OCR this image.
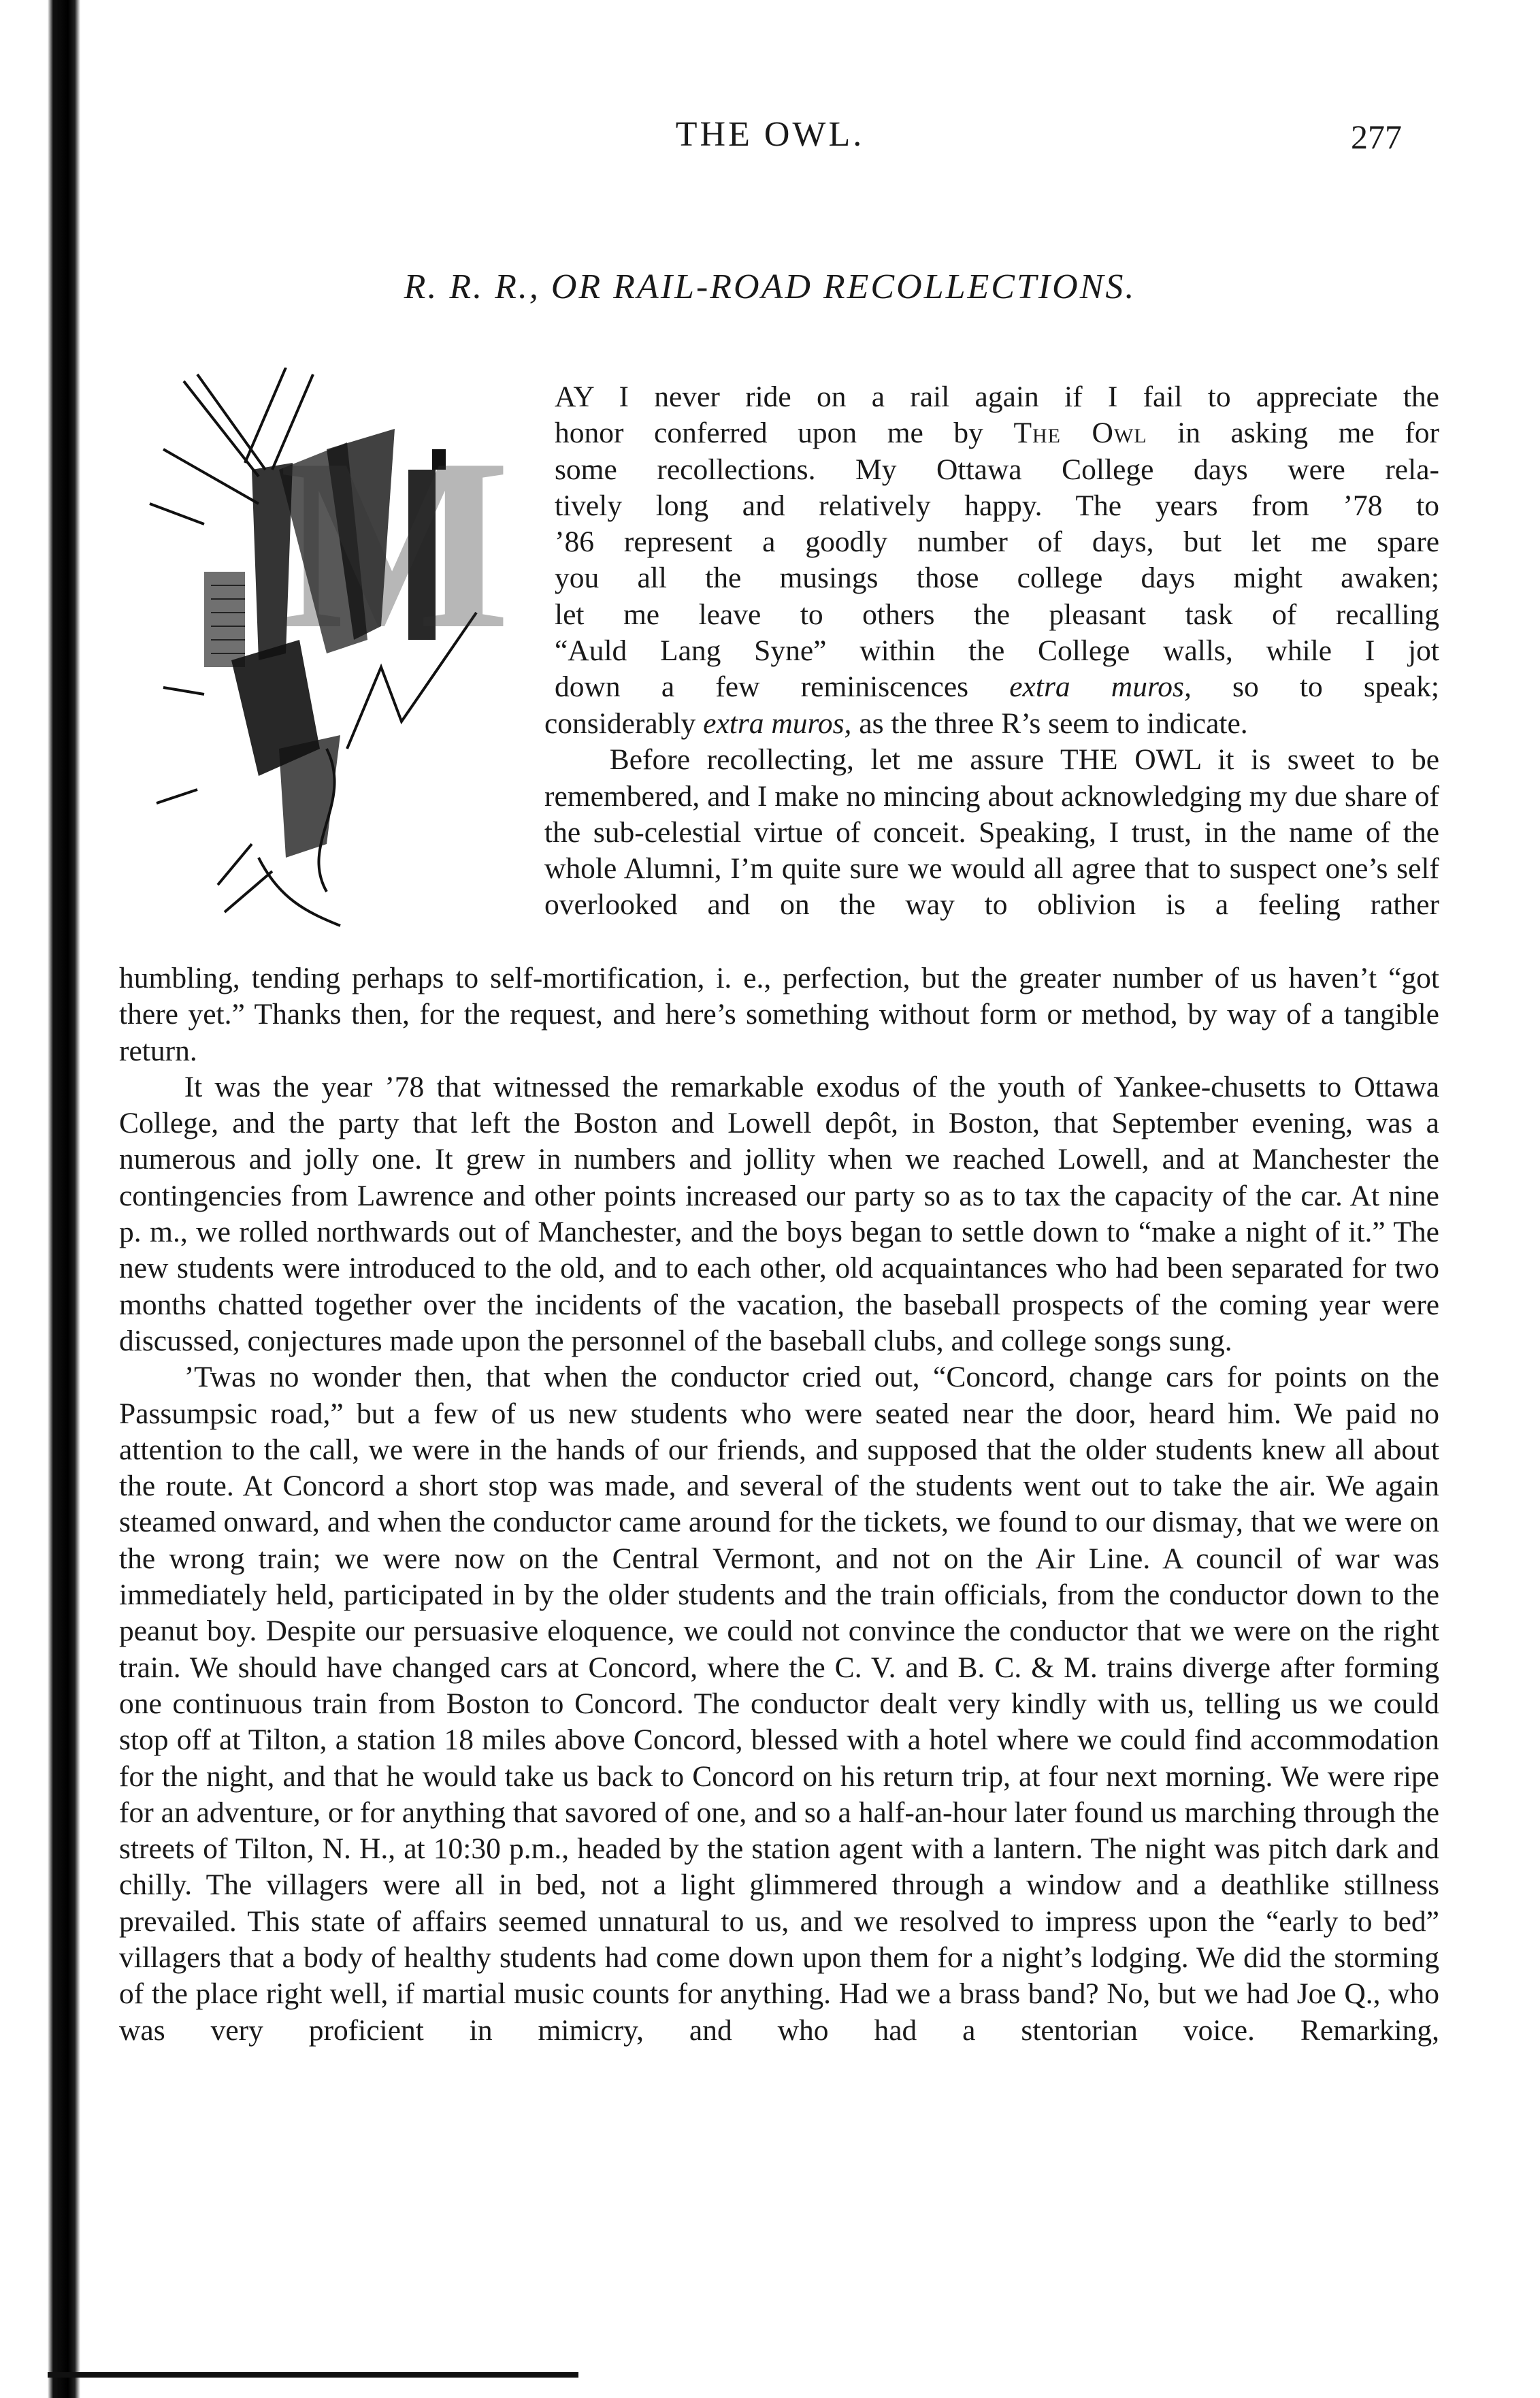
THE OWL.	277
R. R. R., OR RAIL-ROAD RECOLLECTIONS.
M

AY I never ride on a rail again if I fail to appreciate the

honor conferred upon me by The Owl in asking me for

some recollections. My Ottawa College days were rela-

tively long and relatively happy. The years from ’78 to

’86 represent a goodly number of days, but let me spare

you all the musings those college days might awaken;

let me leave to others the pleasant task of recalling

“Auld Lang Syne” within the College walls, while I jot

down a few reminiscences extra muros, so to speak;

considerably extra muros, as the three R’s seem to indicate.

Before recollecting, let me assure THE OWL it is sweet to be remembered, and I make no mincing about acknowledging my due share of the sub-celestial virtue of conceit. Speaking, I trust, in the name of the whole Alumni, I’m quite sure we would all agree that to suspect one’s self overlooked and on the way to oblivion is a feeling rather

humbling, tending perhaps to self-mortification, i. e., perfection, but the greater number of us haven’t “got there yet.” Thanks then, for the request, and here’s something without form or method, by way of a tangible return.

It was the year ’78 that witnessed the remarkable exodus of the youth of Yankee-chusetts to Ottawa College, and the party that left the Boston and Lowell depôt, in Boston, that September evening, was a numerous and jolly one. It grew in numbers and jollity when we reached Lowell, and at Manchester the contingencies from Lawrence and other points increased our party so as to tax the capacity of the car. At nine p. m., we rolled northwards out of Manchester, and the boys began to settle down to “make a night of it.” The new students were introduced to the old, and to each other, old acquaintances who had been separated for two months chatted together over the incidents of the vacation, the baseball prospects of the coming year were discussed, conjectures made upon the personnel of the baseball clubs, and college songs sung.

’Twas no wonder then, that when the conductor cried out, “Concord, change cars for points on the Passumpsic road,” but a few of us new students who were seated near the door, heard him. We paid no attention to the call, we were in the hands of our friends, and supposed that the older students knew all about the route. At Concord a short stop was made, and several of the students went out to take the air. We again steamed onward, and when the conductor came around for the tickets, we found to our dismay, that we were on the wrong train; we were now on the Central Vermont, and not on the Air Line. A council of war was immediately held, participated in by the older students and the train officials, from the conductor down to the peanut boy. Despite our persuasive eloquence, we could not convince the conductor that we were on the right train. We should have changed cars at Concord, where the C. V. and B. C. & M. trains diverge after forming one continuous train from Boston to Concord. The conductor dealt very kindly with us, telling us we could stop off at Tilton, a station 18 miles above Concord, blessed with a hotel where we could find accommodation for the night, and that he would take us back to Concord on his return trip, at four next morning. We were ripe for an adventure, or for anything that savored of one, and so a half-an-hour later found us marching through the streets of Tilton, N. H., at 10:30 p.m., headed by the station agent with a lantern. The night was pitch dark and chilly. The villagers were all in bed, not a light glimmered through a window and a deathlike stillness prevailed. This state of affairs seemed unnatural to us, and we resolved to impress upon the “early to bed” villagers that a body of healthy students had come down upon them for a night’s lodging. We did the storming of the place right well, if martial music counts for anything. Had we a brass band? No, but we had Joe Q., who was very proficient in mimicry, and who had a stentorian voice. Remarking,
